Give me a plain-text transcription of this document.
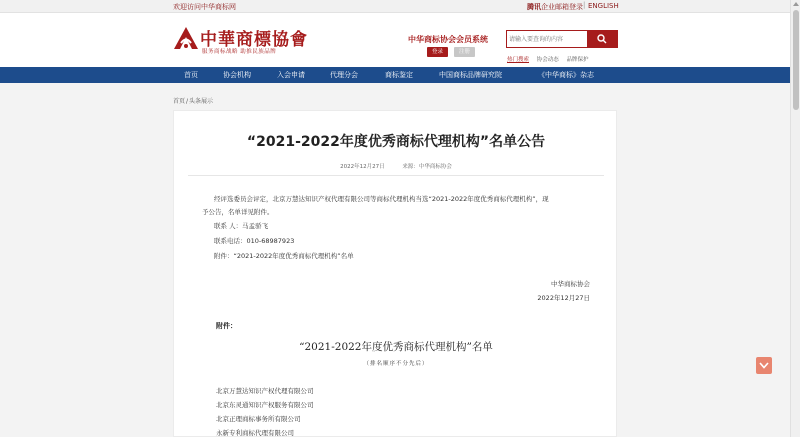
欢迎访问中华商标网	腾讯企业邮箱登录 | ENGLISH
中華商標協會
服务商标战略 助推民族品牌
中华商标协会会员系统
登录	注册
请输入要查询的内容
热门搜索 协会动态 品牌保护
首页	协会机构	入会申请	代理分会	商标鉴定	中国商标品牌研究院	《中华商标》杂志
首页/头条展示
“2021-2022年度优秀商标代理机构”名单公告
2022年12月27日	来源：中华商标协会
经评选委员会评定，北京万慧达知识产权代理有限公司等商标代理机构当选“2021-2022年度优秀商标代理机构”，现
予公告，名单详见附件。
联系 人：马孟骄飞
联系电话：010-68987923
附件：“2021-2022年度优秀商标代理机构”名单
中华商标协会
2022年12月27日
附件：
“2021-2022年度优秀商标代理机构”名单
（排名顺序不分先后）
北京万慧达知识产权代理有限公司
北京东灵通知识产权服务有限公司
北京正理商标事务所有限公司
永新专利商标代理有限公司
